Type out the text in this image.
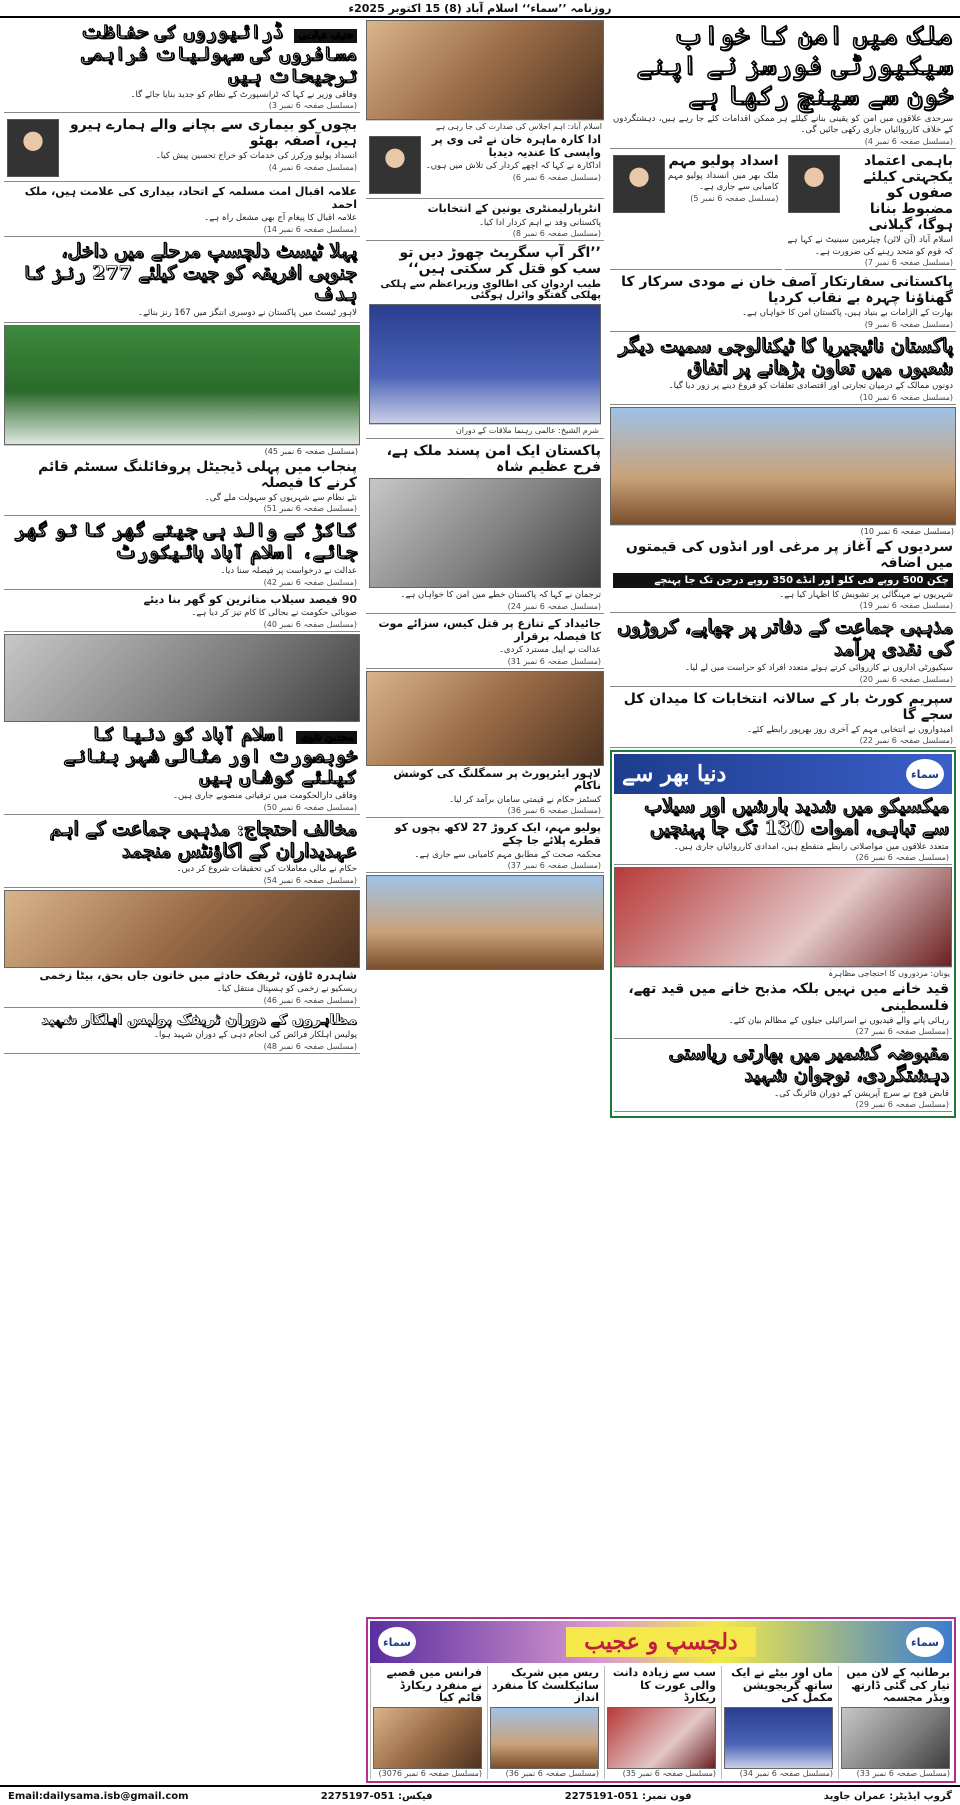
روزنامہ ’’سماء‘‘ اسلام آباد (8) 15 اکتوبر 2025ء

ملک میں امن کا خواب سیکیورٹی فورسز نے اپنے خون سے سینچ رکھا ہے
سرحدی علاقوں میں امن کو یقینی بنانے کیلئے ہر ممکن اقدامات کئے جا رہے ہیں، دہشتگردوں کے خلاف کارروائیاں جاری رکھی جائیں گی۔
(مسلسل صفحہ 6 نمبر 4)
باہمی اعتماد یکجہتی کیلئے صفوں کو مضبوط بنانا ہوگا، گیلانی
اسلام آباد (آن لائن) چیئرمین سینیٹ نے کہا ہے کہ قوم کو متحد رہنے کی ضرورت ہے۔
(مسلسل صفحہ 6 نمبر 7)
اسداد پولیو مہم
ملک بھر میں انسداد پولیو مہم کامیابی سے جاری ہے۔
(مسلسل صفحہ 6 نمبر 5)
پاکستانی سفارتکار آصف خان نے مودی سرکار کا گھناؤنا چہرہ بے نقاب کردیا
بھارت کے الزامات بے بنیاد ہیں، پاکستان امن کا خواہاں ہے۔
(مسلسل صفحہ 6 نمبر 9)
پاکستان نائیجیریا کا ٹیکنالوجی سمیت دیگر شعبوں میں تعاون بڑھانے پر اتفاق
دونوں ممالک کے درمیان تجارتی اور اقتصادی تعلقات کو فروغ دینے پر زور دیا گیا۔
(مسلسل صفحہ 6 نمبر 10)
(مسلسل صفحہ 6 نمبر 10)
سردیوں کے آغاز پر مرغی اور انڈوں کی قیمتوں میں اضافہ
چکن 500 روپے فی کلو اور انڈے 350 روپے درجن تک جا پہنچے
شہریوں نے مہنگائی پر تشویش کا اظہار کیا ہے۔
(مسلسل صفحہ 6 نمبر 19)
مذہبی جماعت کے دفاتر پر چھاپے، کروڑوں کی نقدی برآمد
سیکیورٹی اداروں نے کارروائی کرتے ہوئے متعدد افراد کو حراست میں لے لیا۔
(مسلسل صفحہ 6 نمبر 20)
سپریم کورٹ بار کے سالانہ انتخابات کا میدان کل سجے گا
امیدواروں نے انتخابی مہم کے آخری روز بھرپور رابطے کئے۔
(مسلسل صفحہ 6 نمبر 22)
سماء
دنیا بھر سے
میکسیکو میں شدید بارشیں اور سیلاب سے تباہی، اموات 130 تک جا پہنچیں
متعدد علاقوں میں مواصلاتی رابطے منقطع ہیں، امدادی کارروائیاں جاری ہیں۔
(مسلسل صفحہ 6 نمبر 26)
یونان: مزدوروں کا احتجاجی مظاہرہ
قید خانے میں نہیں بلکہ مذبح خانے میں قید تھے، فلسطینی
رہائی پانے والے قیدیوں نے اسرائیلی جیلوں کے مظالم بیان کئے۔
(مسلسل صفحہ 6 نمبر 27)
مقبوضہ کشمیر میں بھارتی ریاستی دہشتگردی، نوجوان شہید
قابض فوج نے سرچ آپریشن کے دوران فائرنگ کی۔
(مسلسل صفحہ 6 نمبر 29)
اسلام آباد: اہم اجلاس کی صدارت کی جا رہی ہے
ادا کارہ ماہرہ خان نے ٹی وی پر واپسی کا عندیہ دیدیا
اداکارہ نے کہا کہ اچھے کردار کی تلاش میں ہوں۔
(مسلسل صفحہ 6 نمبر 6)
انٹرپارلیمنٹری یونین کے انتخابات
پاکستانی وفد نے اہم کردار ادا کیا۔
(مسلسل صفحہ 6 نمبر 8)
’’اگر آپ سگریٹ چھوڑ دیں تو سب کو قتل کر سکتی ہیں‘‘
طیب اردوان کی اطالوی وزیراعظم سے ہلکی پھلکی گفتگو وائرل ہوگئی
شرم الشیخ: عالمی رہنما ملاقات کے دوران
پاکستان ایک امن پسند ملک ہے، فرح عظیم شاہ
ترجمان نے کہا کہ پاکستان خطے میں امن کا خواہاں ہے۔
(مسلسل صفحہ 6 نمبر 24)
جائیداد کے تنازع پر قتل کیس، سزائے موت کا فیصلہ برقرار
عدالت نے اپیل مسترد کردی۔
(مسلسل صفحہ 6 نمبر 31)
لاہور ایئرپورٹ پر سمگلنگ کی کوشش ناکام
کسٹمز حکام نے قیمتی سامان برآمد کر لیا۔
(مسلسل صفحہ 6 نمبر 36)
پولیو مہم، ایک کروڑ 27 لاکھ بچوں کو قطرے پلائے جا چکے
محکمہ صحت کے مطابق مہم کامیابی سے جاری ہے۔
(مسلسل صفحہ 6 نمبر 37)
حنیف عباسی ڈرائیوروں کی حفاظت مسافروں کی سہولیات فراہمی ترجیحات ہیں
وفاقی وزیر نے کہا کہ ٹرانسپورٹ کے نظام کو جدید بنایا جائے گا۔
(مسلسل صفحہ 6 نمبر 3)
بچوں کو بیماری سے بچانے والے ہمارے ہیرو ہیں، آصفہ بھٹو
انسداد پولیو ورکرز کی خدمات کو خراج تحسین پیش کیا۔
(مسلسل صفحہ 6 نمبر 4)
علامہ اقبال امت مسلمہ کے اتحاد، بیداری کی علامت ہیں، ملک احمد
علامہ اقبال کا پیغام آج بھی مشعل راہ ہے۔
(مسلسل صفحہ 6 نمبر 14)
پہلا ٹیسٹ دلچسپ مرحلے میں داخل، جنوبی افریقہ کو جیت کیلئے 277 رنز کا ہدف
لاہور ٹیسٹ میں پاکستان نے دوسری اننگز میں 167 رنز بنائے۔
(مسلسل صفحہ 6 نمبر 45)
پنجاب میں پہلی ڈیجیٹل پروفائلنگ سسٹم قائم کرنے کا فیصلہ
نئے نظام سے شہریوں کو سہولت ملے گی۔
(مسلسل صفحہ 6 نمبر 51)
کاکڑ کے والد ہی جیتے گھر کا تو گھر جائے، اسلام آباد ہائیکورٹ
عدالت نے درخواست پر فیصلہ سنا دیا۔
(مسلسل صفحہ 6 نمبر 42)
90 فیصد سیلاب متاثرین کو گھر بنا دیئے
صوبائی حکومت نے بحالی کا کام تیز کر دیا ہے۔
(مسلسل صفحہ 6 نمبر 40)
محسن نقوی اسلام آباد کو دنیا کا خوبصورت اور مثالی شہر بنانے کیلئے کوشاں ہیں
وفاقی دارالحکومت میں ترقیاتی منصوبے جاری ہیں۔
(مسلسل صفحہ 6 نمبر 50)
مخالف احتجاج: مذہبی جماعت کے اہم عہدیداران کے اکاؤنٹس منجمد
حکام نے مالی معاملات کی تحقیقات شروع کر دیں۔
(مسلسل صفحہ 6 نمبر 54)
شاہدرہ ٹاؤن، ٹریفک حادثے میں خاتون جاں بحق، بیٹا زخمی
ریسکیو نے زخمی کو ہسپتال منتقل کیا۔
(مسلسل صفحہ 6 نمبر 46)
مظاہروں کے دوران ٹریفک پولیس اہلکار شہید
پولیس اہلکار فرائض کی انجام دہی کے دوران شہید ہوا۔
(مسلسل صفحہ 6 نمبر 48)
سماء
دلچسپ و عجیب
سماء
برطانیہ کے لان میں تیار کی گئی ڈارتھ ویڈر مجسمہ
(مسلسل صفحہ 6 نمبر 33)
ماں اور بیٹے نے ایک ساتھ گریجویشن مکمل کی
(مسلسل صفحہ 6 نمبر 34)
سب سے زیادہ دانت والی عورت کا ریکارڈ
(مسلسل صفحہ 6 نمبر 35)
ریس میں شریک سائیکلسٹ کا منفرد انداز
(مسلسل صفحہ 6 نمبر 36)
فرانس میں قصبے نے منفرد ریکارڈ قائم کیا
(مسلسل صفحہ 6 نمبر 3076)
Email:dailysama.isb@gmail.com	فیکس: 051-2275197	فون نمبر: 051-2275191	گروپ ایڈیٹر: عمران جاوید
